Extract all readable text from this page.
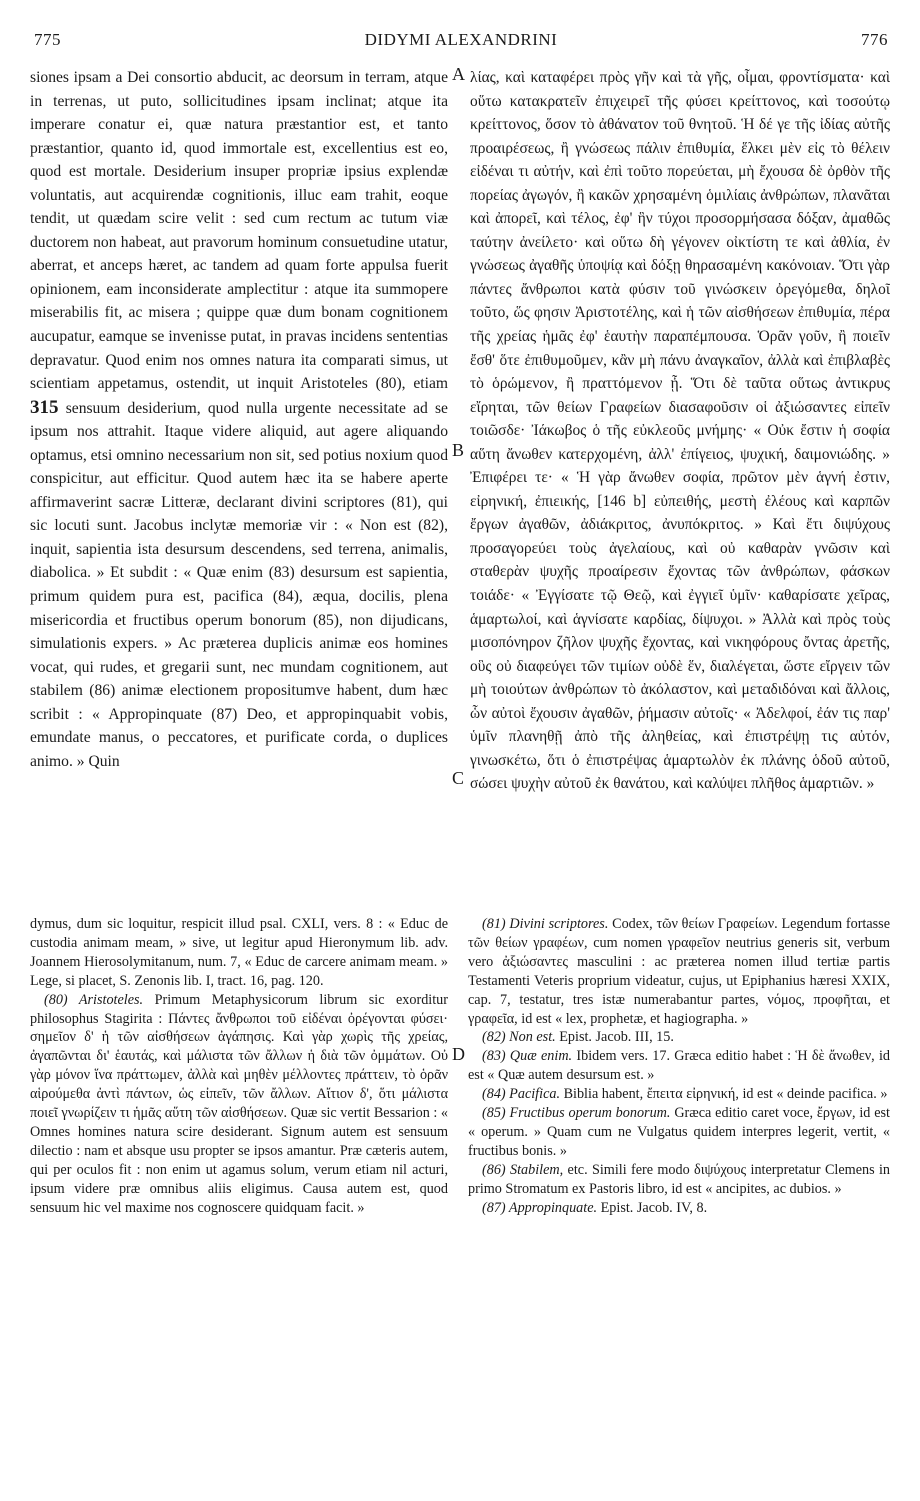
775	DIDYMI ALEXANDRINI	776
A
B
C
D

siones ipsam a Dei consortio abducit, ac deorsum in terram, atque in terrenas, ut puto, sollicitudines ipsam inclinat; atque ita imperare conatur ei, quæ natura præstantior est, et tanto præstantior, quanto id, quod immortale est, excellentius est eo, quod est mortale. Desiderium insuper propriæ ipsius explendæ voluntatis, aut acquirendæ cognitionis, illuc eam trahit, eoque tendit, ut quædam scire velit : sed cum rectum ac tutum viæ ductorem non habeat, aut pravorum hominum consuetudine utatur, aberrat, et anceps hæret, ac tandem ad quam forte appulsa fuerit opinionem, eam inconsiderate amplectitur : atque ita summopere miserabilis fit, ac misera ; quippe quæ dum bonam cognitionem aucupatur, eamque se invenisse putat, in pravas incidens sententias depravatur. Quod enim nos omnes natura ita comparati simus, ut scientiam appetamus, ostendit, ut inquit Aristoteles (80), etiam 315 sensuum desiderium, quod nulla urgente necessitate ad se ipsum nos attrahit. Itaque videre aliquid, aut agere aliquando optamus, etsi omnino necessarium non sit, sed potius noxium quod conspicitur, aut efficitur. Quod autem hæc ita se habere aperte affirmaverint sacræ Litteræ, declarant divini scriptores (81), qui sic locuti sunt. Jacobus inclytæ memoriæ vir : « Non est (82), inquit, sapientia ista desursum descendens, sed terrena, animalis, diabolica. » Et subdit : « Quæ enim (83) desursum est sapientia, primum quidem pura est, pacifica (84), æqua, docilis, plena misericordia et fructibus operum bonorum (85), non dijudicans, simulationis expers. » Ac præterea duplicis animæ eos homines vocat, qui rudes, et gregarii sunt, nec mundam cognitionem, aut stabilem (86) animæ electionem propositumve habent, dum hæc scribit : « Appropinquate (87) Deo, et appropinquabit vobis, emundate manus, o peccatores, et purificate corda, o duplices animo. » Quin

λίας, καὶ καταφέρει πρὸς γῆν καὶ τὰ γῆς, οἶμαι, φροντίσματα· καὶ οὕτω κατακρατεῖν ἐπιχειρεῖ τῆς φύσει κρείττονος, καὶ τοσούτῳ κρείττονος, ὅσον τὸ ἀθάνατον τοῦ θνητοῦ. Ἡ δέ γε τῆς ἰδίας αὐτῆς προαιρέσεως, ἢ γνώσεως πάλιν ἐπιθυμία, ἕλκει μὲν εἰς τὸ θέλειν εἰδέναι τι αὐτήν, καὶ ἐπὶ τοῦτο πορεύεται, μὴ ἔχουσα δὲ ὀρθὸν τῆς πορείας ἀγωγόν, ἢ κακῶν χρησαμένη ὁμιλίαις ἀνθρώπων, πλανᾶται καὶ ἀπορεῖ, καὶ τέλος, ἐφ' ἣν τύχοι προσορμήσασα δόξαν, ἀμαθῶς ταύτην ἀνείλετο· καὶ οὕτω δὴ γέγονεν οἰκτίστη τε καὶ ἀθλία, ἐν γνώσεως ἀγαθῆς ὑποψίᾳ καὶ δόξῃ θηρασαμένη κακόνοιαν. Ὅτι γὰρ πάντες ἄνθρωποι κατὰ φύσιν τοῦ γινώσκειν ὀρεγόμεθα, δηλοῖ τοῦτο, ὥς φησιν Ἀριστοτέλης, καὶ ἡ τῶν αἰσθήσεων ἐπιθυμία, πέρα τῆς χρείας ἡμᾶς ἐφ' ἑαυτὴν παραπέμπουσα. Ὁρᾶν γοῦν, ἢ ποιεῖν ἔσθ' ὅτε ἐπιθυμοῦμεν, κἂν μὴ πάνυ ἀναγκαῖον, ἀλλὰ καὶ ἐπιβλαβὲς τὸ ὁρώμενον, ἢ πραττόμενον ᾖ. Ὅτι δὲ ταῦτα οὕτως ἀντικρυς εἴρηται, τῶν θείων Γραφείων διασαφοῦσιν οἱ ἀξιώσαντες εἰπεῖν τοιῶσδε· Ἰάκωβος ὁ τῆς εὐκλεοῦς μνήμης· « Οὐκ ἔστιν ἡ σοφία αὕτη ἄνωθεν κατερχομένη, ἀλλ' ἐπίγειος, ψυχική, δαιμονιώδης. » Ἐπιφέρει τε· « Ἡ γὰρ ἄνωθεν σοφία, πρῶτον μὲν ἁγνή ἐστιν, εἰρηνική, ἐπιεικής, [146 b] εὐπειθής, μεστὴ ἐλέους καὶ καρπῶν ἔργων ἀγαθῶν, ἀδιάκριτος, ἀνυπόκριτος. » Καὶ ἔτι διψύχους προσαγορεύει τοὺς ἀγελαίους, καὶ οὐ καθαρὰν γνῶσιν καὶ σταθερὰν ψυχῆς προαίρεσιν ἔχοντας τῶν ἀνθρώπων, φάσκων τοιάδε· « Ἐγγίσατε τῷ Θεῷ, καὶ ἐγγιεῖ ὑμῖν· καθαρίσατε χεῖρας, ἁμαρτωλοί, καὶ ἁγνίσατε καρδίας, δίψυχοι. » Ἀλλὰ καὶ πρὸς τοὺς μισοπόνηρον ζῆλον ψυχῆς ἔχοντας, καὶ νικηφόρους ὄντας ἀρετῆς, οὓς οὐ διαφεύγει τῶν τιμίων οὐδὲ ἕν, διαλέγεται, ὥστε εἴργειν τῶν μὴ τοιούτων ἀνθρώπων τὸ ἀκόλαστον, καὶ μεταδιδόναι καὶ ἄλλοις, ὧν αὐτοὶ ἔχουσιν ἀγαθῶν, ῥήμασιν αὐτοῖς· « Ἀδελφοί, ἐάν τις παρ' ὑμῖν πλανηθῇ ἀπὸ τῆς ἀληθείας, καὶ ἐπιστρέψῃ τις αὐτόν, γινωσκέτω, ὅτι ὁ ἐπιστρέψας ἁμαρτωλὸν ἐκ πλάνης ὁδοῦ αὐτοῦ, σώσει ψυχὴν αὐτοῦ ἐκ θανάτου, καὶ καλύψει πλῆθος ἁμαρτιῶν. »

dymus, dum sic loquitur, respicit illud psal. CXLI, vers. 8 : « Educ de custodia animam meam, » sive, ut legitur apud Hieronymum lib. adv. Joannem Hierosolymitanum, num. 7, « Educ de carcere animam meam. » Lege, si placet, S. Zenonis lib. I, tract. 16, pag. 120.

(80) Aristoteles. Primum Metaphysicorum librum sic exorditur philosophus Stagirita : Πάντες ἄνθρωποι τοῦ εἰδέναι ὀρέγονται φύσει· σημεῖον δ' ἡ τῶν αἰσθήσεων ἀγάπησις. Καὶ γὰρ χωρὶς τῆς χρείας, ἀγαπῶνται δι' ἑαυτάς, καὶ μάλιστα τῶν ἄλλων ἡ διὰ τῶν ὀμμάτων. Οὐ γὰρ μόνον ἵνα πράττωμεν, ἀλλὰ καὶ μηθὲν μέλλοντες πράττειν, τὸ ὁρᾶν αἱρούμεθα ἀντὶ πάντων, ὡς εἰπεῖν, τῶν ἄλλων. Αἴτιον δ', ὅτι μάλιστα ποιεῖ γνωρίζειν τι ἡμᾶς αὕτη τῶν αἰσθήσεων. Quæ sic vertit Bessarion : « Omnes homines natura scire desiderant. Signum autem est sensuum dilectio : nam et absque usu propter se ipsos amantur. Præ cæteris autem, qui per oculos fit : non enim ut agamus solum, verum etiam nil acturi, ipsum videre præ omnibus aliis eligimus. Causa autem est, quod sensuum hic vel maxime nos cognoscere quidquam facit. »

(81) Divini scriptores. Codex, τῶν θείων Γραφείων. Legendum fortasse τῶν θείων γραφέων, cum nomen γραφεῖον neutrius generis sit, verbum vero ἀξιώσαντες masculini : ac præterea nomen illud tertiæ partis Testamenti Veteris proprium videatur, cujus, ut Epiphanius hæresi XXIX, cap. 7, testatur, tres istæ numerabantur partes, νόμος, προφῆται, et γραφεῖα, id est « lex, prophetæ, et hagiographa. »

(82) Non est. Epist. Jacob. III, 15.

(83) Quæ enim. Ibidem vers. 17. Græca editio habet : Ἡ δὲ ἄνωθεν, id est « Quæ autem desursum est. »

(84) Pacifica. Biblia habent, ἔπειτα εἰρηνική, id est « deinde pacifica. »

(85) Fructibus operum bonorum. Græca editio caret voce, ἔργων, id est « operum. » Quam cum ne Vulgatus quidem interpres legerit, vertit, « fructibus bonis. »

(86) Stabilem, etc. Simili fere modo διψύχους interpretatur Clemens in primo Stromatum ex Pastoris libro, id est « ancipites, ac dubios. »

(87) Appropinquate. Epist. Jacob. IV, 8.
